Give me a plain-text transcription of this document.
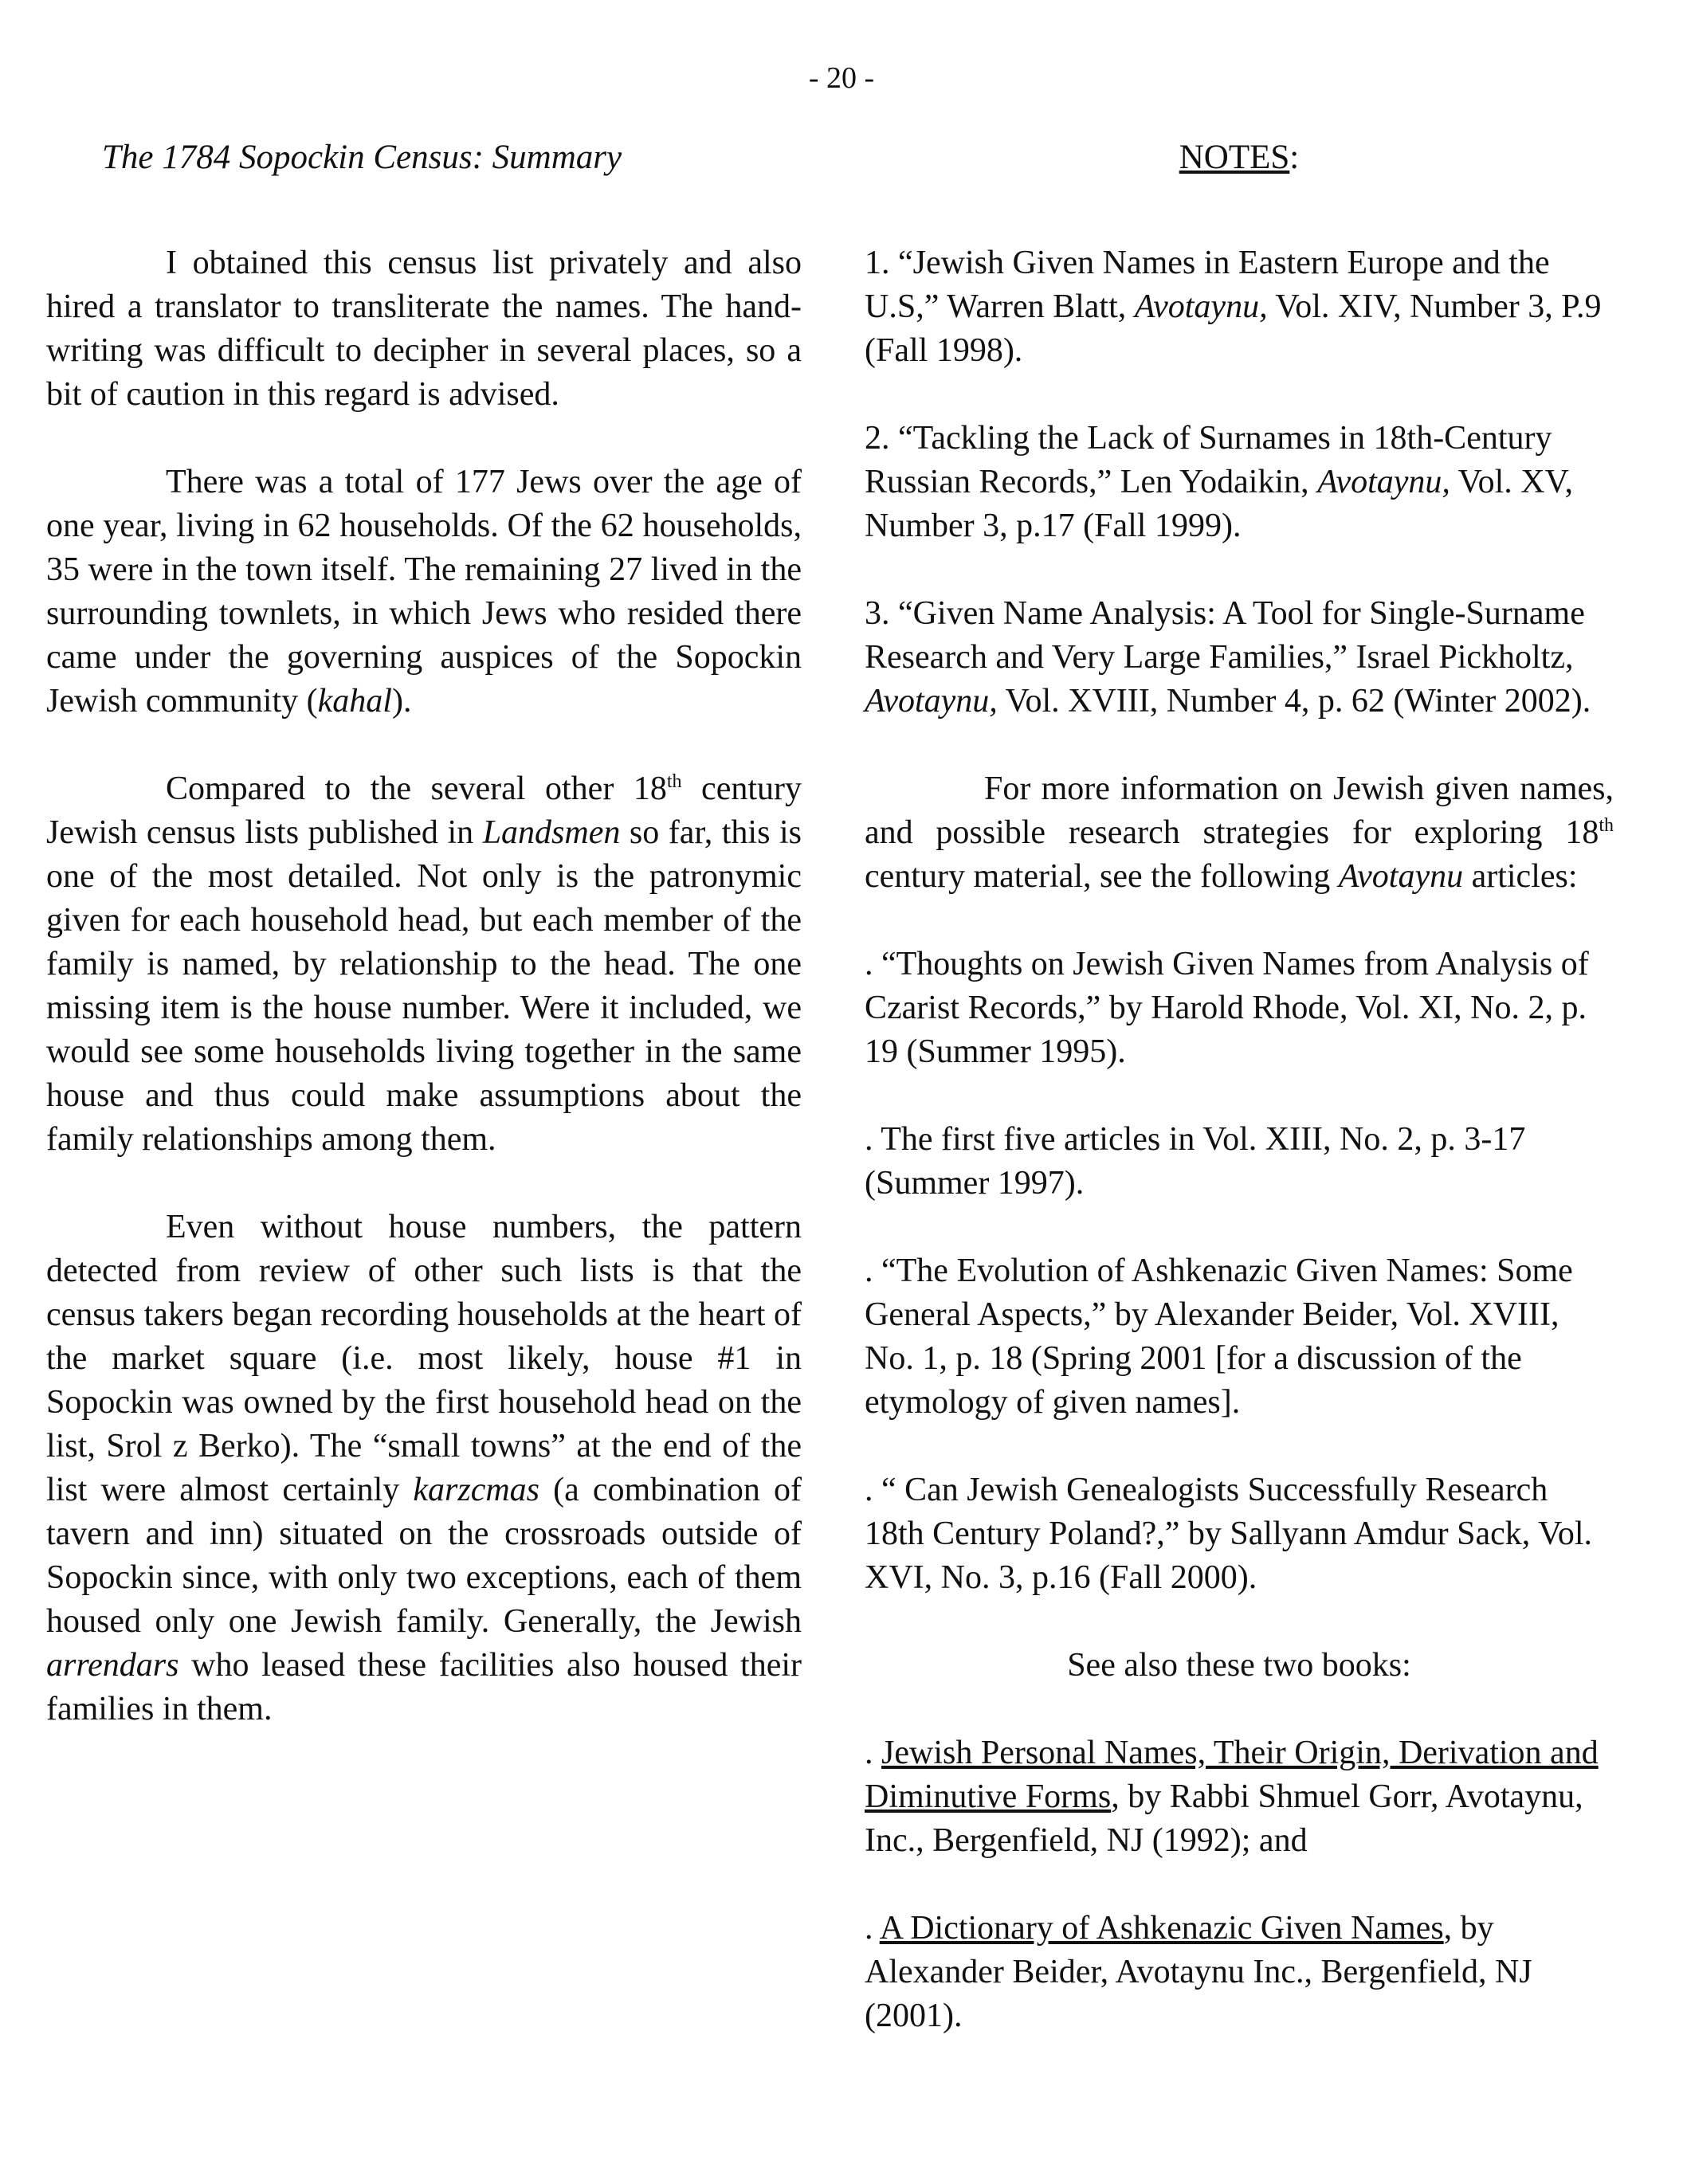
- 20 -
The 1784 Sopockin Census: Summary

I obtained this census list privately and also hired a translator to transliterate the names. The hand-writing was difficult to decipher in several places, so a bit of caution in this regard is advised.

There was a total of 177 Jews over the age of one year, living in 62 households. Of the 62 households, 35 were in the town itself. The remaining 27 lived in the surrounding townlets, in which Jews who resided there came under the governing auspices of the Sopockin Jewish community (kahal).

Compared to the several other 18th century Jewish census lists published in Landsmen so far, this is one of the most detailed. Not only is the patronymic given for each household head, but each member of the family is named, by relationship to the head. The one missing item is the house number. Were it included, we would see some households living together in the same house and thus could make assumptions about the family relationships among them.

Even without house numbers, the pattern detected from review of other such lists is that the census takers began recording households at the heart of the market square (i.e. most likely, house #1 in Sopockin was owned by the first household head on the list, Srol z Berko). The “small towns” at the end of the list were almost certainly karzcmas (a combination of tavern and inn) situated on the crossroads outside of Sopockin since, with only two exceptions, each of them housed only one Jewish family. Generally, the Jewish arrendars who leased these facilities also housed their families in them.

NOTES:

1. “Jewish Given Names in Eastern Europe and the U.S,” Warren Blatt, Avotaynu, Vol. XIV, Number 3, P.9 (Fall 1998).

2. “Tackling the Lack of Surnames in 18th-Century Russian Records,” Len Yodaikin, Avotaynu, Vol. XV, Number 3, p.17 (Fall 1999).

3. “Given Name Analysis: A Tool for Single-Surname Research and Very Large Families,” Israel Pickholtz, Avotaynu, Vol. XVIII, Number 4, p. 62 (Winter 2002).

For more information on Jewish given names, and possible research strategies for exploring 18th century material, see the following Avotaynu articles:

. “Thoughts on Jewish Given Names from Analysis of Czarist Records,” by Harold Rhode, Vol. XI, No. 2, p. 19 (Summer 1995).

. The first five articles in Vol. XIII, No. 2, p. 3-17 (Summer 1997).

. “The Evolution of Ashkenazic Given Names: Some General Aspects,” by Alexander Beider, Vol. XVIII, No. 1, p. 18 (Spring 2001 [for a discussion of the etymology of given names].

. “ Can Jewish Genealogists Successfully Research 18th Century Poland?,” by Sallyann Amdur Sack, Vol. XVI, No. 3, p.16 (Fall 2000).

See also these two books:

. Jewish Personal Names, Their Origin, Derivation and Diminutive Forms, by Rabbi Shmuel Gorr, Avotaynu, Inc., Bergenfield, NJ (1992); and

. A Dictionary of Ashkenazic Given Names, by Alexander Beider, Avotaynu Inc., Bergenfield, NJ (2001).
